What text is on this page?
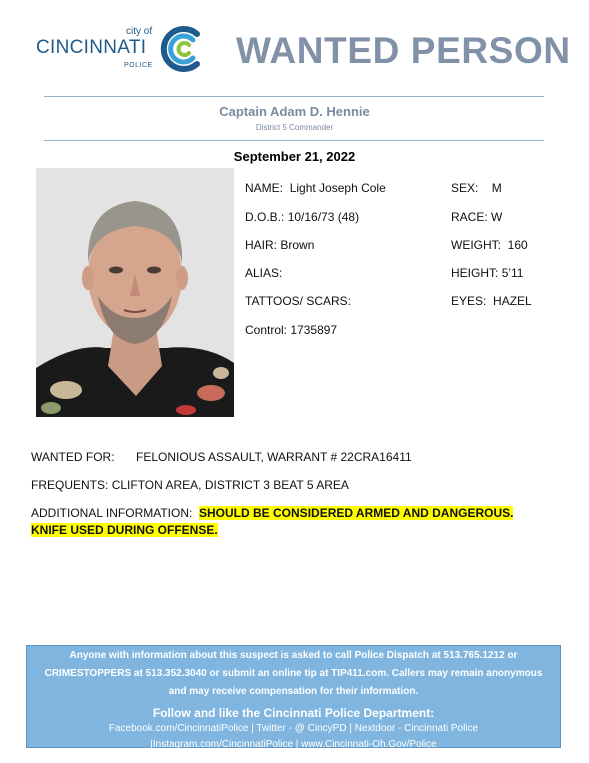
city of
CINCINNATI
POLICE WANTED PERSON
Captain Adam D. Hennie
District 5 Commander
September 21, 2022
NAME: Light Joseph Cole
D.O.B.: 10/16/73 (48)
HAIR: Brown
ALIAS:
TATTOOS/ SCARS:
Control: 1735897
SEX: M
RACE: W
WEIGHT: 160
HEIGHT: 5’11
EYES: HAZEL
WANTED FOR: FELONIOUS ASSAULT, WARRANT # 22CRA16411
FREQUENTS: CLIFTON AREA, DISTRICT 3 BEAT 5 AREA
ADDITIONAL INFORMATION: SHOULD BE CONSIDERED ARMED AND DANGEROUS. KNIFE USED DURING OFFENSE.
Anyone with information about this suspect is asked to call Police Dispatch at 513.765.1212 or
CRIMESTOPPERS at 513.352.3040 or submit an online tip at TIP411.com. Callers may remain anonymous
and may receive compensation for their information.
Follow and like the Cincinnati Police Department:
Facebook.com/CincinnatiPolice | Twitter - @ CincyPD | Nextdoor - Cincinnati Police
|Instagram.com/CincinnatiPolice | www.Cincinnati-Oh.Gov/Police
